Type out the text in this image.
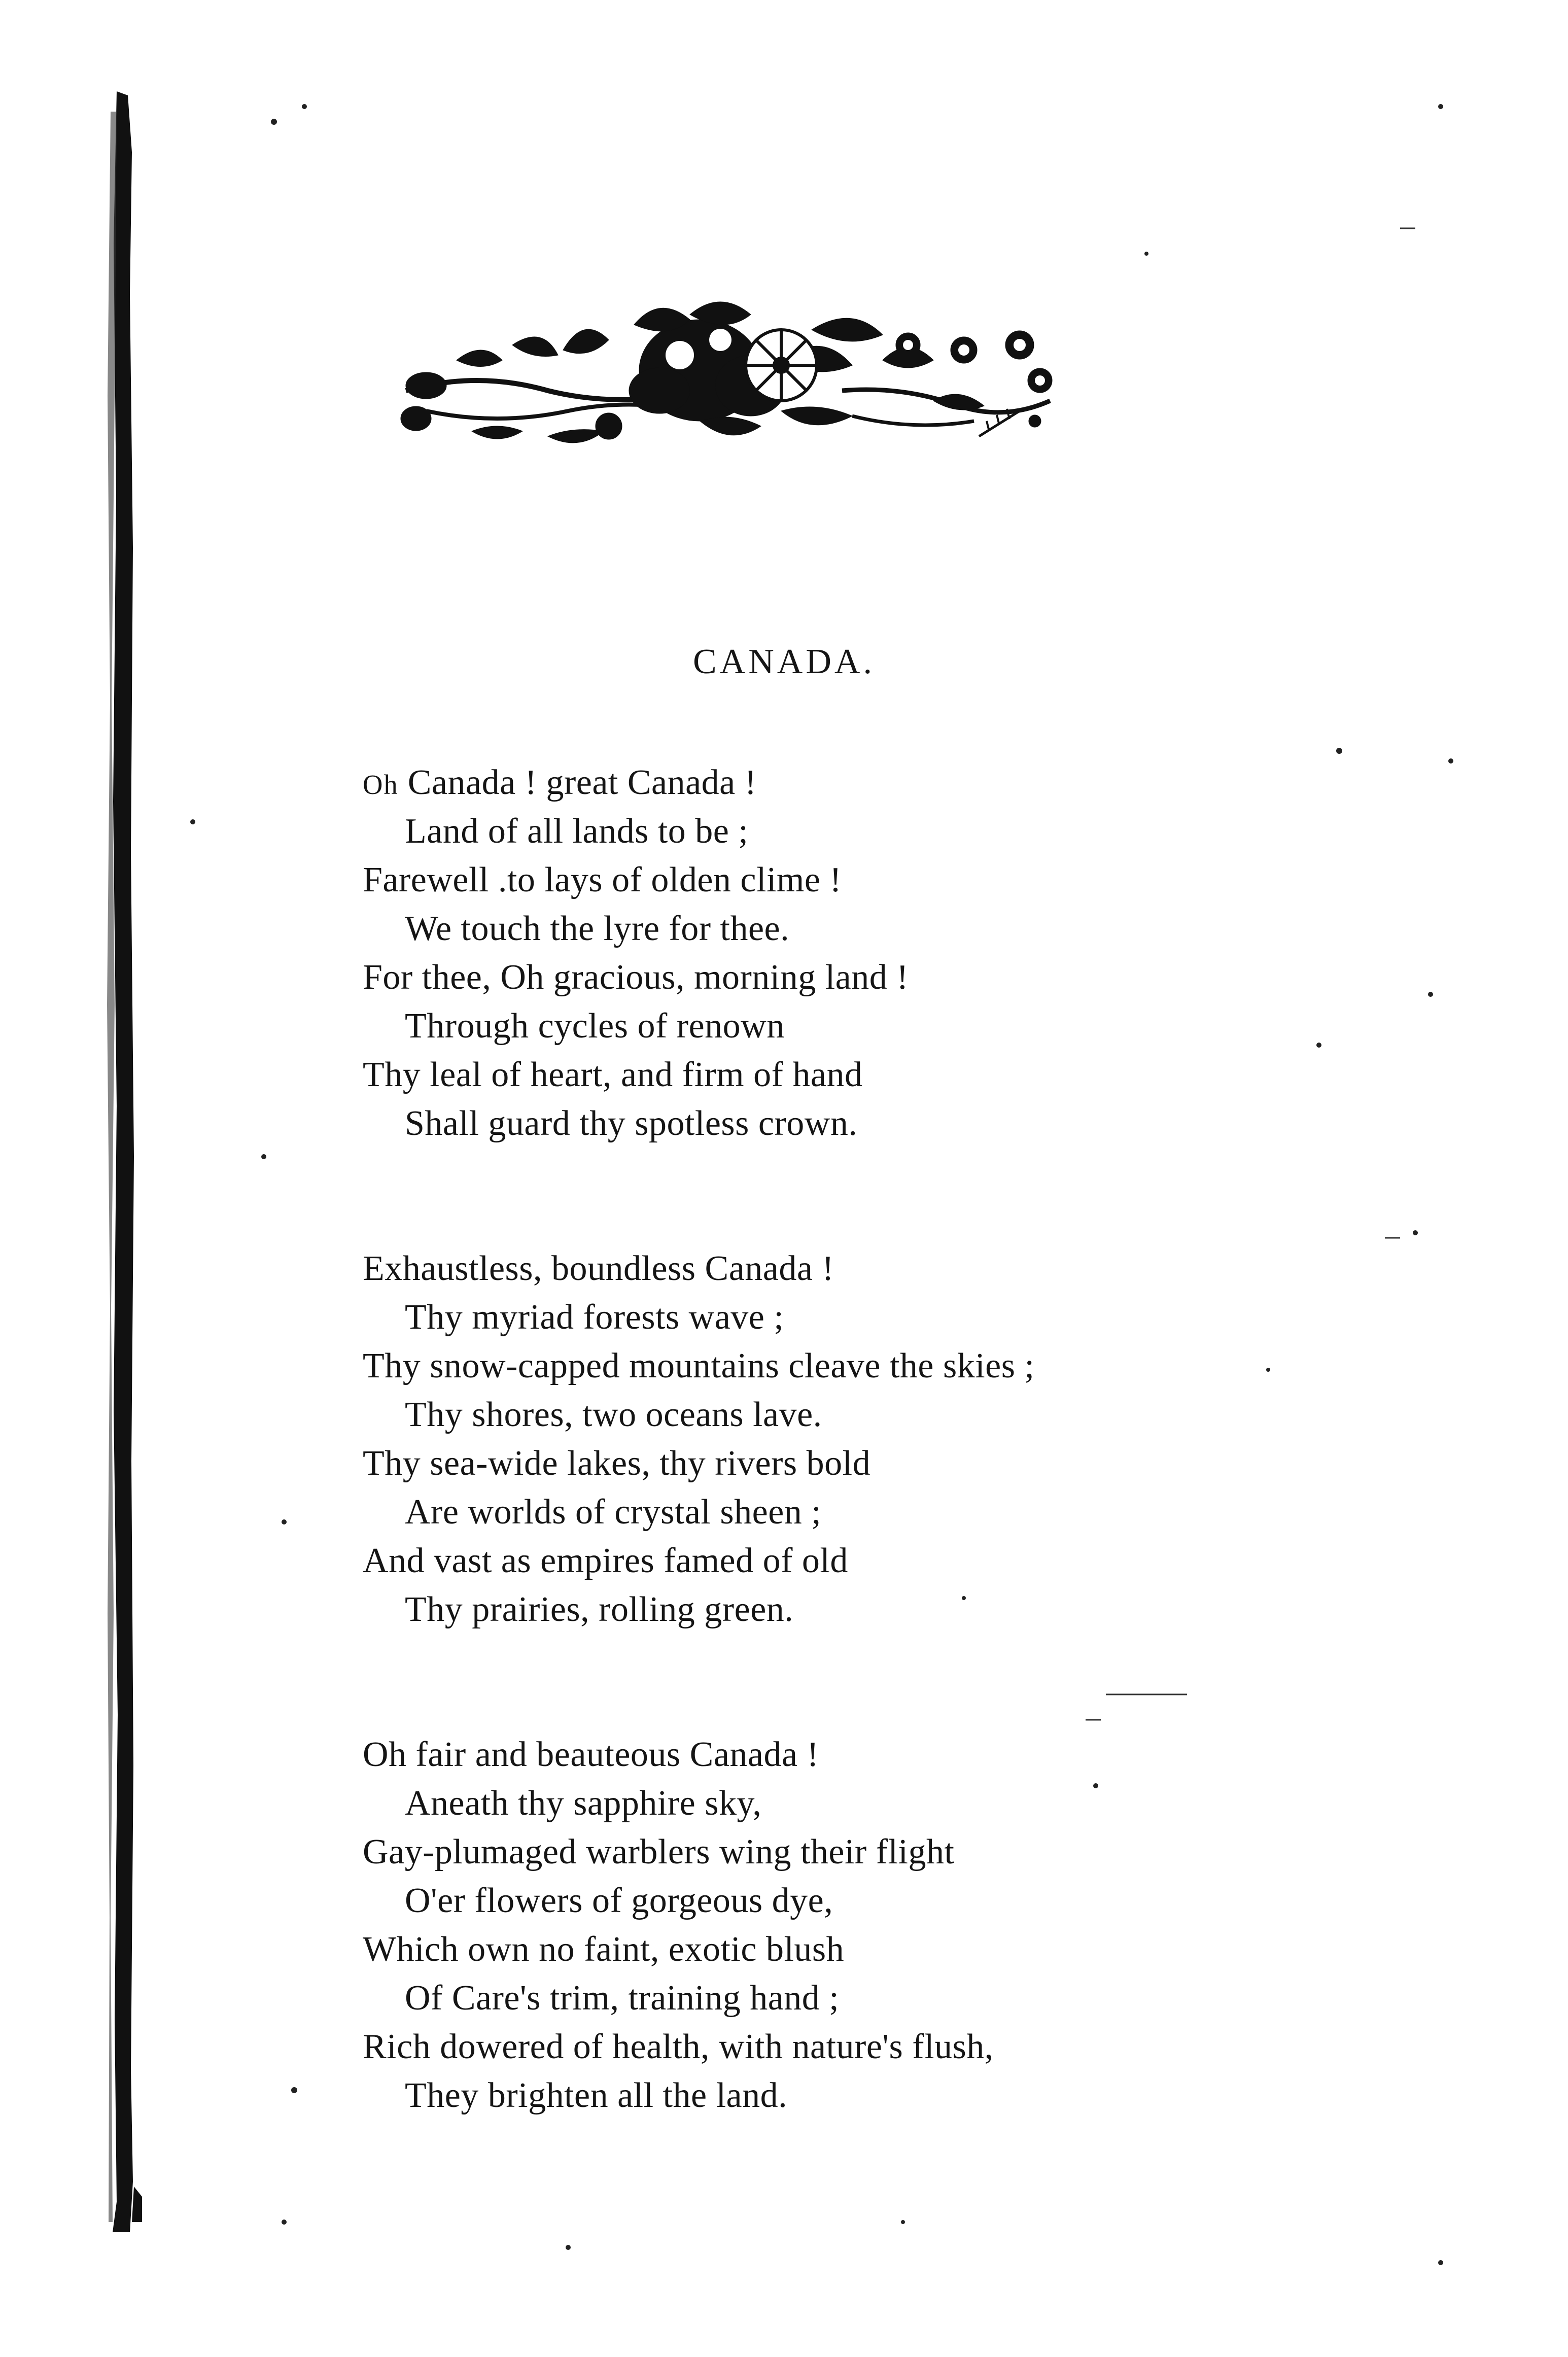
CANADA.
Oh Canada ! great Canada !
Land of all lands to be ;
Farewell .to lays of olden clime !
We touch the lyre for thee.
For thee, Oh gracious, morning land !
Through cycles of renown
Thy leal of heart, and firm of hand
Shall guard thy spotless crown.
Exhaustless, boundless Canada !
Thy myriad forests wave ;
Thy snow-capped mountains cleave the skies ;
Thy shores, two oceans lave.
Thy sea-wide lakes, thy rivers bold
Are worlds of crystal sheen ;
And vast as empires famed of old
Thy prairies, rolling green.
Oh fair and beauteous Canada !
Aneath thy sapphire sky,
Gay-plumaged warblers wing their flight
O'er flowers of gorgeous dye,
Which own no faint, exotic blush
Of Care's trim, training hand ;
Rich dowered of health, with nature's flush,
They brighten all the land.
